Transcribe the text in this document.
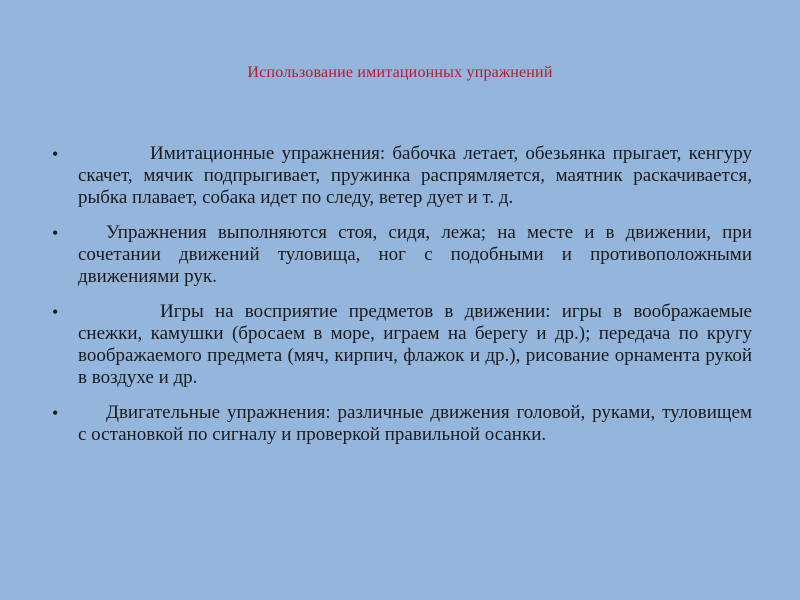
Использование имитационных упражнений
•	Имитационные упражнения: бабочка летает, обезьянка прыгает, кенгуру скачет, мячик подпрыгивает, пружинка распрямляется, маятник раскачивается, рыбка плавает, собака идет по следу, ветер дует и т. д.
•	Упражнения выполняются стоя, сидя, лежа; на месте и в движении, при сочетании движений туловища, ног с подобными и противоположными движениями рук.
•	Игры на восприятие предметов в движении: игры в воображаемые снежки, камушки (бросаем в море, играем на берегу и др.); передача по кругу воображаемого предмета (мяч, кирпич, флажок и др.), рисование орнамента рукой в воздухе и др.
•	Двигательные упражнения: различные движения головой, руками, туловищем с остановкой по сигналу и проверкой правильной осанки.
